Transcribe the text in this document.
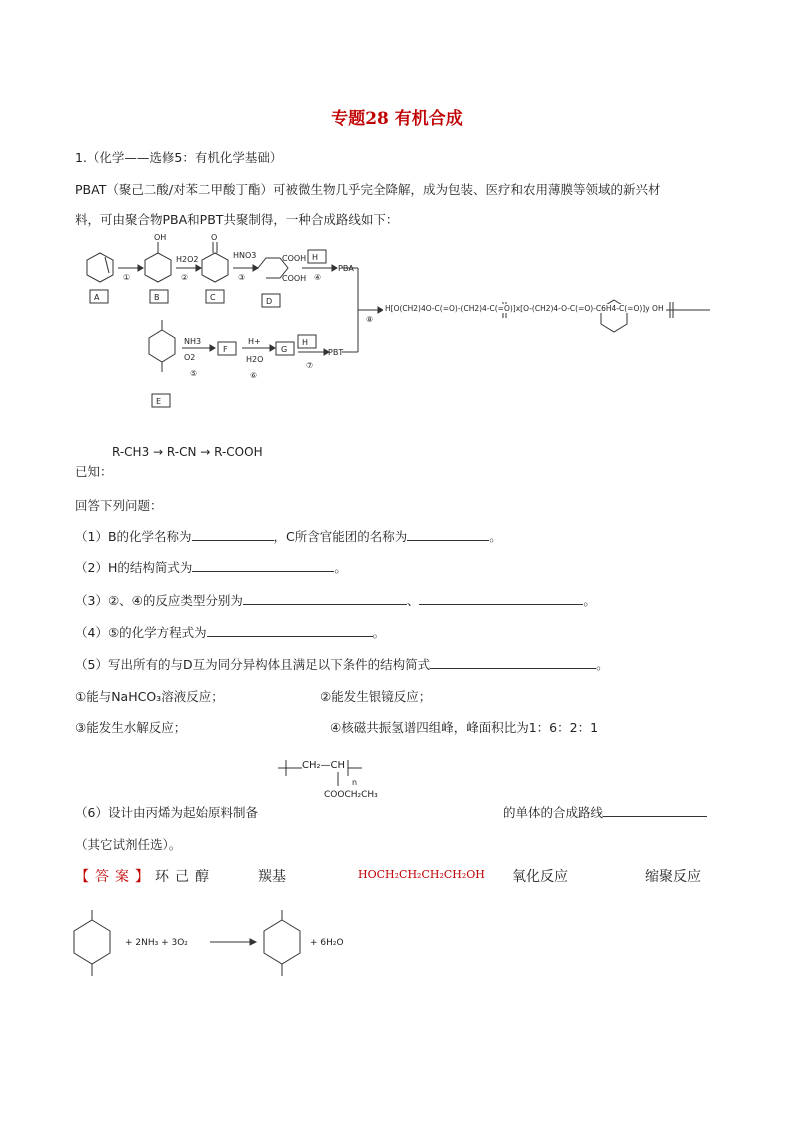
专题28 有机合成
1.（化学——选修5：有机化学基础）
PBAT（聚己二酸/对苯二甲酸丁酯）可被微生物几乎完全降解，成为包装、医疗和农用薄膜等领域的新兴材
料，可由聚合物PBA和PBT共聚制得，一种合成路线如下：
A	B	C	D
E
F	G
H
H
①	②	③	④
⑤	⑥
⑦
⑧
H2O2	HNO3
NH3
O2
H+
H2O
PBA
PBT
OH	O
COOH
COOH
H[O(CH2)4O-C(=O)-(CH2)4-C(=O)]x[O-(CH2)4-O-C(=O)-C6H4-C(=O)]y OH
R-CH3 → R-CN → R-COOH
已知：
回答下列问题：
（1）B的化学名称为	，C所含官能团的名称为	。
（2）H的结构简式为	。
（3）②、④的反应类型分别为	、	。
（4）⑤的化学方程式为	。
（5）写出所有的与D互为同分异构体且满足以下条件的结构简式	。
①能与NaHCO₃溶液反应；	②能发生银镜反应；
③能发生水解反应；	④核磁共振氢谱四组峰，峰面积比为1：6：2：1
CH₂—CH
COOCH₂CH₃
n
（6）设计由丙烯为起始原料制备	的单体的合成路线
（其它试剂任选）。
【答案】环己醇	羰基	HOCH₂CH₂CH₂CH₂OH 氧化反应	缩聚反应
+ 2NH₃ + 3O₂	+ 6H₂O
